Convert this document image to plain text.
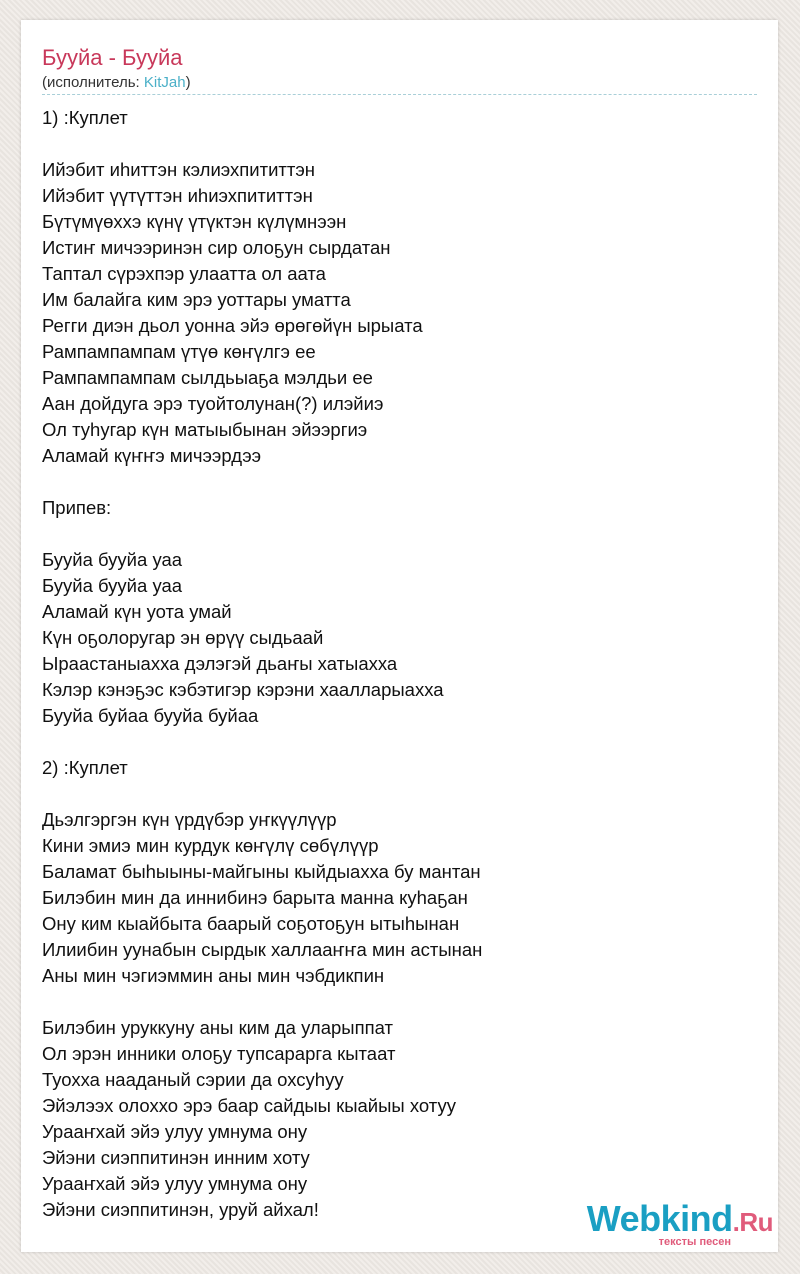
Бууйа - Бууйа
(исполнитель: KitJah)
1) :Куплет
Ийэбит иһиттэн кэлиэхпититтэн
Ийэбит үүтүттэн иһиэхпититтэн
Бүтүмүөххэ күнү үтүктэн күлүмнээн
Истиҥ мичээринэн сир олоҕун сырдатан
Таптал сүрэхпэр улаатта ол аата
Им балайга ким эрэ уоттары уматта
Регги диэн дьол уонна эйэ өрөгөйүн ырыата
Рампампампам үтүө көҥүлгэ ее
Рампампампам сылдьыаҕа мэлдьи ее
Аан дойдуга эрэ туойтолунан(?) илэйиэ
Ол туһугар күн матыыбынан эйээргиэ
Аламай күҥҥэ мичээрдээ
Припев:
Бууйа бууйа уаа
Бууйа бууйа уаа
Аламай күн уота умай
Күн оҕолоругар эн өрүү сыдьаай
Ыраастаныахха дэлэгэй дьаҥы хатыахха
Кэлэр кэнэҕэс кэбэтигэр кэрэни хаалларыахха
Бууйа буйаа бууйа буйаа
2) :Куплет
Дьэлгэргэн күн үрдүбэр уҥкүүлүүр
Кини эмиэ мин курдук көҥүлү сөбүлүүр
Баламат быһыыны-майгыны кыйдыахха бу мантан
Билэбин мин да иннибинэ барыта манна куһаҕан
Ону ким кыайбыта баарый соҕотоҕун ытыһынан
Илиибин уунабын сырдык халлааҥҥа мин астынан
Аны мин чэгиэммин аны мин чэбдикпин
Билэбин уруккуну аны ким да уларыппат
Ол эрэн инники олоҕу тупсарарга кытаат
Туохха нааданый сэрии да охсуһуу
Эйэлээх олоххо эрэ баар сайдыы кыайыы хотуу
Урааҥхай эйэ улуу умнума ону
Эйэни сиэппитинэн инним хоту
Урааҥхай эйэ улуу умнума ону
Эйэни сиэппитинэн, уруй айхал!	Webkind.Ru
тексты песен
